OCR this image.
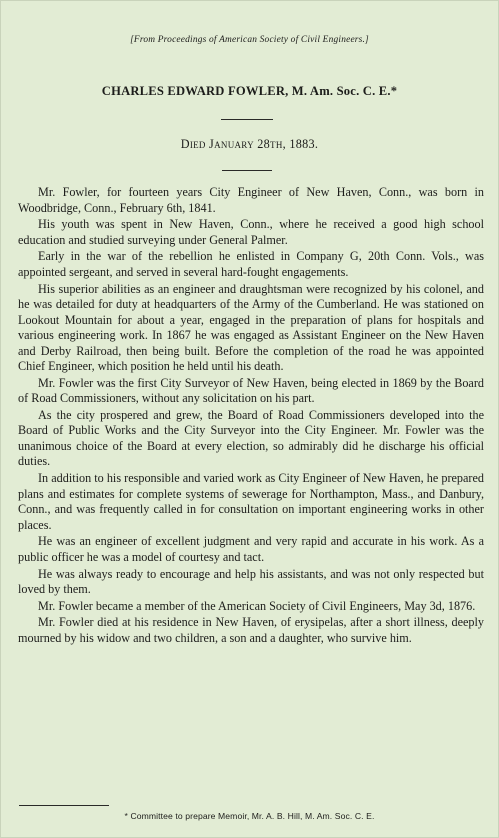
[From Proceedings of American Society of Civil Engineers.]
CHARLES EDWARD FOWLER, M. Am. Soc. C. E.*
Died January 28th, 1883.

Mr. Fowler, for fourteen years City Engineer of New Haven, Conn., was born in Woodbridge, Conn., February 6th, 1841.

His youth was spent in New Haven, Conn., where he received a good high school education and studied surveying under General Palmer.

Early in the war of the rebellion he enlisted in Company G, 20th Conn. Vols., was appointed sergeant, and served in several hard-fought engagements.

His superior abilities as an engineer and draughtsman were recognized by his colonel, and he was detailed for duty at headquarters of the Army of the Cumberland. He was stationed on Lookout Mountain for about a year, engaged in the preparation of plans for hospitals and various engineering work. In 1867 he was engaged as Assistant Engineer on the New Haven and Derby Railroad, then being built. Before the completion of the road he was appointed Chief Engineer, which position he held until his death.

Mr. Fowler was the first City Surveyor of New Haven, being elected in 1869 by the Board of Road Commissioners, without any solicitation on his part.

As the city prospered and grew, the Board of Road Commissioners developed into the Board of Public Works and the City Surveyor into the City Engineer. Mr. Fowler was the unanimous choice of the Board at every election, so admirably did he discharge his official duties.

In addition to his responsible and varied work as City Engineer of New Haven, he prepared plans and estimates for complete systems of sewerage for Northampton, Mass., and Danbury, Conn., and was frequently called in for consultation on important engineering works in other places.

He was an engineer of excellent judgment and very rapid and accurate in his work. As a public officer he was a model of courtesy and tact.

He was always ready to encourage and help his assistants, and was not only respected but loved by them.

Mr. Fowler became a member of the American Society of Civil Engineers, May 3d, 1876.

Mr. Fowler died at his residence in New Haven, of erysipelas, after a short illness, deeply mourned by his widow and two children, a son and a daughter, who survive him.

* Committee to prepare Memoir, Mr. A. B. Hill, M. Am. Soc. C. E.
